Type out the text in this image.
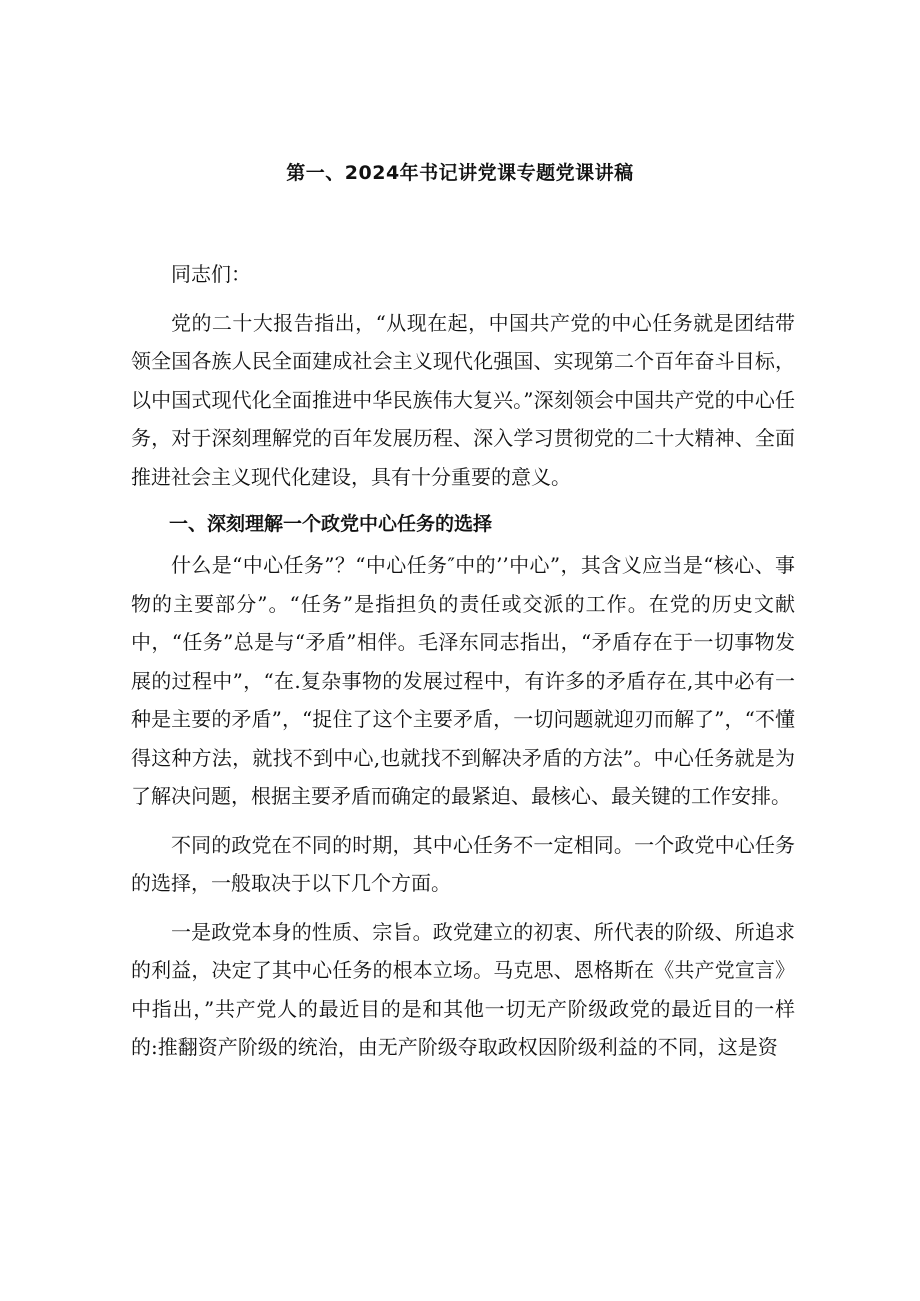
第一、2024年书记讲党课专题党课讲稿

同志们：

党的二十大报告指出，“从现在起，中国共产党的中心任务就是团结带领全国各族人民全面建成社会主义现代化强国、实现第二个百年奋斗目标，以中国式现代化全面推进中华民族伟大复兴。”深刻领会中国共产党的中心任务，对于深刻理解党的百年发展历程、深入学习贯彻党的二十大精神、全面推进社会主义现代化建设，具有十分重要的意义。

一、深刻理解一个政党中心任务的选择

什么是“中心任务”？“中心任务″中的’’中心”，其含义应当是“核心、事物的主要部分”。“任务”是指担负的责任或交派的工作。在党的历史文献中，“任务”总是与“矛盾”相伴。毛泽东同志指出，“矛盾存在于一切事物发展的过程中”，“在.复杂事物的发展过程中，有许多的矛盾存在,其中必有一种是主要的矛盾”，“捉住了这个主要矛盾，一切问题就迎刃而解了”，“不懂得这种方法，就找不到中心,也就找不到解决矛盾的方法”。中心任务就是为了解决问题，根据主要矛盾而确定的最紧迫、最核心、最关键的工作安排。

不同的政党在不同的时期，其中心任务不一定相同。一个政党中心任务的选择，一般取决于以下几个方面。

一是政党本身的性质、宗旨。政党建立的初衷、所代表的阶级、所追求的利益，决定了其中心任务的根本立场。马克思、恩格斯在《共产党宣言》中指出，”共产党人的最近目的是和其他一切无产阶级政党的最近目的一样的:推翻资产阶级的统治，由无产阶级夺取政权因阶级利益的不同，这是资
